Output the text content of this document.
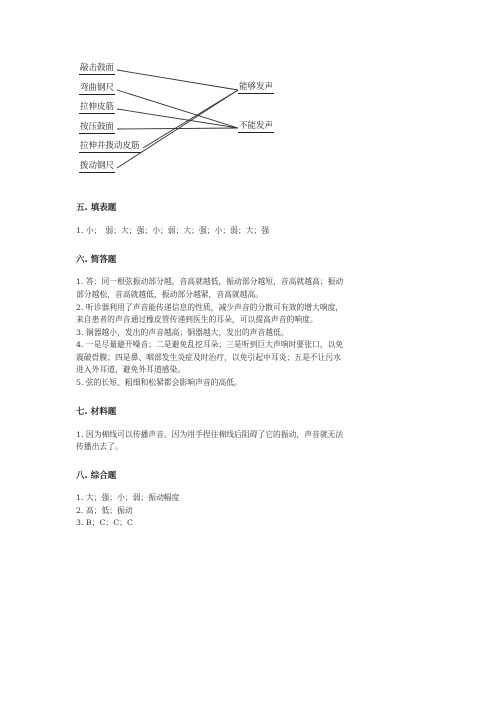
敲击鼓面
弯曲钢尺
拉伸皮筋
按压鼓面
拉伸并拨动皮筋
拨动钢尺
能够发声
不能发声
五. 填表题
1. 小；　弱；大；强；小；弱；大；强；小；弱；大；强
六. 简答题
1. 答：同一根弦振动部分越，音高就越低，振动部分越短，音高就越高；振动
部分越松，音高就越低，振动部分越紧，音高就越高。
2. 听诊器利用了声音能传递信息的性质，减少声音的分散可有效的增大响度，
来自患者的声音通过橡皮管传递到医生的耳朵，可以提高声音的响度。
3. 铜器越小，发出的声音越高；铜器越大，发出的声音越低。
4. 一是尽量避开噪音；二是避免乱挖耳朵；三是听到巨大声响时要张口，以免
震破骨膜；四是鼻、咽部发生炎症及时治疗，以免引起中耳炎；五是不让污水
进入外耳道，避免外耳道感染。
5. 弦的长短、粗细和松紧都会影响声音的高低。
七. 材料题
1. 因为棉线可以传播声音。因为用手捏住棉线后阻碍了它的振动，声音就无法
传播出去了。
八. 综合题
1. 大；强；小；弱；振动幅度
2. 高；低；振动
3. B；C；C；C
